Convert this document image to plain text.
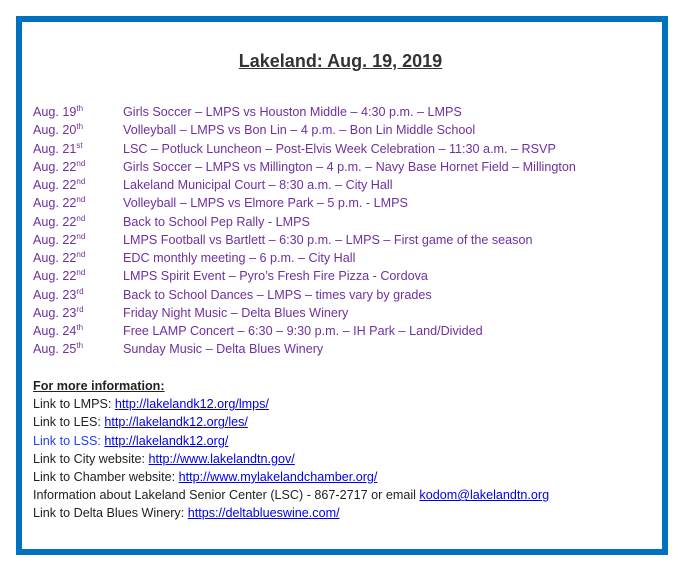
Lakeland: Aug. 19, 2019
Aug. 19th	Girls Soccer – LMPS vs Houston Middle – 4:30 p.m. – LMPS
Aug. 20th	Volleyball – LMPS vs Bon Lin – 4 p.m. – Bon Lin Middle School
Aug. 21st	LSC – Potluck Luncheon – Post-Elvis Week Celebration – 11:30 a.m. – RSVP
Aug. 22nd	Girls Soccer – LMPS vs Millington – 4 p.m. – Navy Base Hornet Field – Millington
Aug. 22nd	Lakeland Municipal Court – 8:30 a.m. – City Hall
Aug. 22nd	Volleyball – LMPS vs Elmore Park – 5 p.m. - LMPS
Aug. 22nd	Back to School Pep Rally - LMPS
Aug. 22nd	LMPS Football vs Bartlett – 6:30 p.m. – LMPS – First game of the season
Aug. 22nd	EDC monthly meeting – 6 p.m. – City Hall
Aug. 22nd	LMPS Spirit Event – Pyro’s Fresh Fire Pizza - Cordova
Aug. 23rd	Back to School Dances – LMPS – times vary by grades
Aug. 23rd	Friday Night Music – Delta Blues Winery
Aug. 24th	Free LAMP Concert – 6:30 – 9:30 p.m. – IH Park – Land/Divided
Aug. 25th	Sunday Music – Delta Blues Winery
For more information:
Link to LMPS: http://lakelandk12.org/lmps/
Link to LES: http://lakelandk12.org/les/
Link to LSS: http://lakelandk12.org/
Link to City website: http://www.lakelandtn.gov/
Link to Chamber website: http://www.mylakelandchamber.org/
Information about Lakeland Senior Center (LSC) - 867-2717 or email kodom@lakelandtn.org
Link to Delta Blues Winery: https://deltablueswine.com/
